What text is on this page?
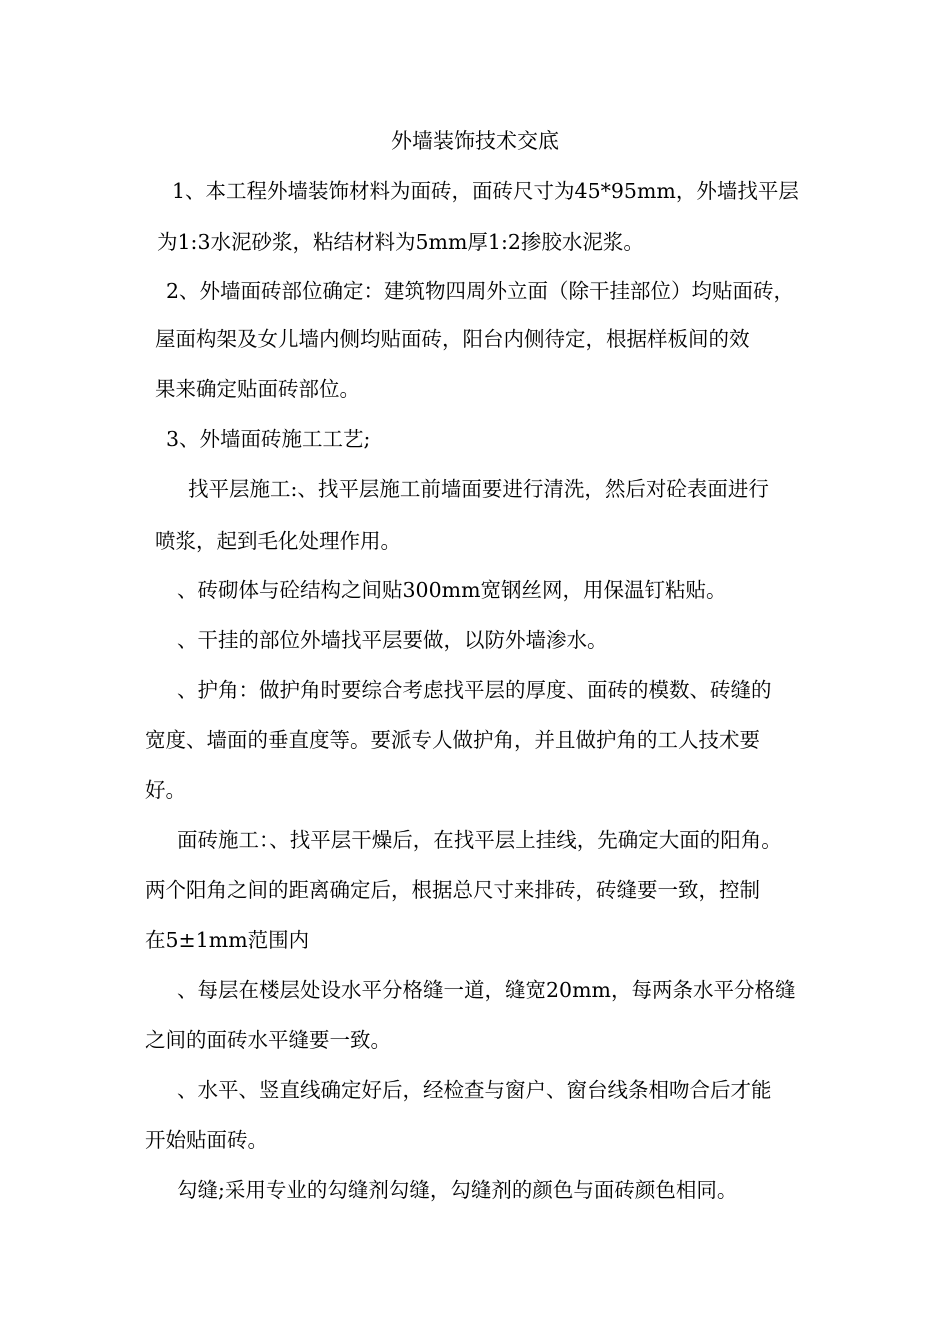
外墙装饰技术交底
1、本工程外墙装饰材料为面砖，面砖尺寸为45*95mm，外墙找平层
为1:3水泥砂浆，粘结材料为5mm厚1:2掺胶水泥浆。
2、外墙面砖部位确定：建筑物四周外立面（除干挂部位）均贴面砖，
屋面构架及女儿墙内侧均贴面砖，阳台内侧待定，根据样板间的效
果来确定贴面砖部位。
3、外墙面砖施工工艺;
找平层施工:、找平层施工前墙面要进行清洗，然后对砼表面进行
喷浆，起到毛化处理作用。
、砖砌体与砼结构之间贴300mm宽钢丝网，用保温钉粘贴。
、干挂的部位外墙找平层要做，以防外墙渗水。
、护角：做护角时要综合考虑找平层的厚度、面砖的模数、砖缝的
宽度、墙面的垂直度等。要派专人做护角，并且做护角的工人技术要
好。
面砖施工：、找平层干燥后，在找平层上挂线，先确定大面的阳角。
两个阳角之间的距离确定后，根据总尺寸来排砖，砖缝要一致，控制
在5±1mm范围内
、每层在楼层处设水平分格缝一道，缝宽20mm，每两条水平分格缝
之间的面砖水平缝要一致。
、水平、竖直线确定好后，经检查与窗户、窗台线条相吻合后才能
开始贴面砖。
勾缝;采用专业的勾缝剂勾缝，勾缝剂的颜色与面砖颜色相同。
